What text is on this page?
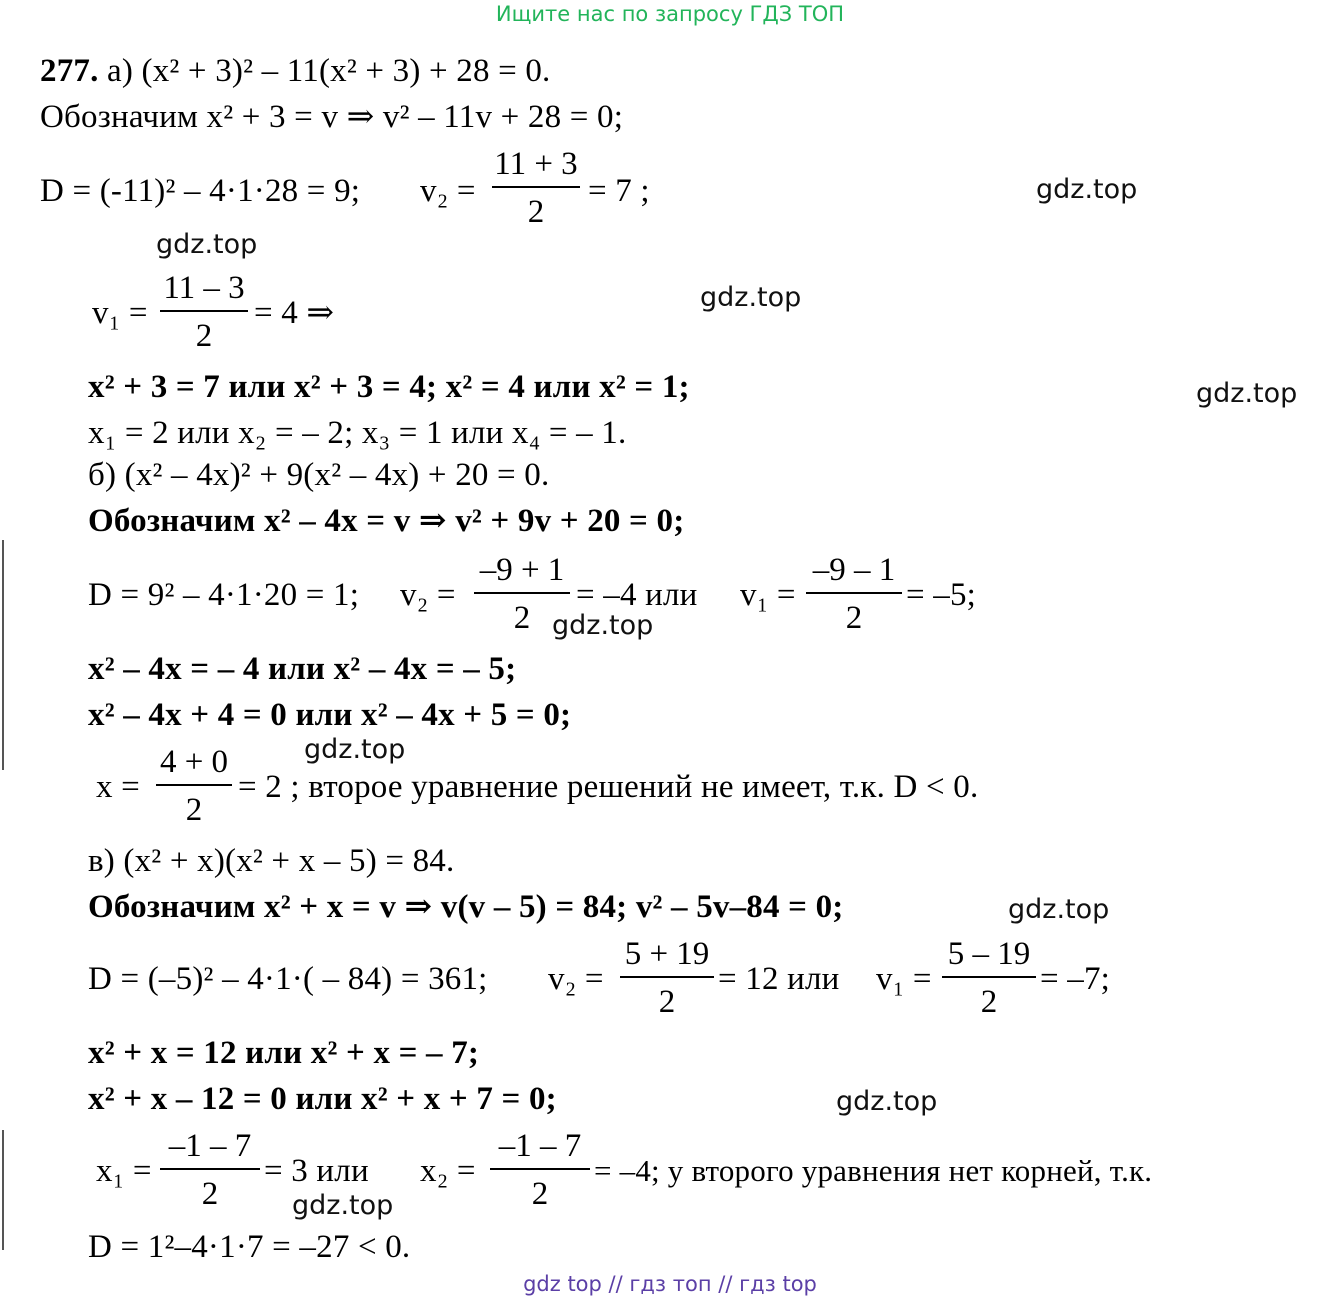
Ищите нас по запросу ГДЗ ТОП
277. а) (x² + 3)² – 11(x² + 3) + 28 = 0.
Обозначим x² + 3 = v ⇒ v² – 11v + 28 = 0;
D = (-11)² – 4·1·28 = 9; v₂ =
11 + 3
2
= 7 ;
v₁ =
11 – 3
2
= 4 ⇒
x² + 3 = 7 или x² + 3 = 4; x² = 4 или x² = 1;
x₁ = 2 или x₂ = – 2; x₃ = 1 или x₄ = – 1.
б) (x² – 4x)² + 9(x² – 4x) + 20 = 0.
Обозначим x² – 4x = v ⇒ v² + 9v + 20 = 0;
D = 9² – 4·1·20 = 1; v₂ =
–9 + 1
2
= –4 или v₁ =
–9 – 1
2
= –5;
x² – 4x = – 4 или x² – 4x = – 5;
x² – 4x + 4 = 0 или x² – 4x + 5 = 0;
x =
4 + 0
2
= 2 ; второе уравнение решений не имеет, т.к. D < 0.
в) (x² + x)(x² + x – 5) = 84.
Обозначим x² + x = v ⇒ v(v – 5) = 84; v² – 5v–84 = 0;
D = (–5)² – 4·1·( – 84) = 361; v₂ =
5 + 19
2
= 12 или v₁ =
5 – 19
2
= –7;
x² + x = 12 или x² + x = – 7;
x² + x – 12 = 0 или x² + x + 7 = 0;
x₁ =
–1 – 7
2
= 3 или x₂ =
–1 – 7
2
= –4; у второго уравнения нет корней, т.к.
D = 1²–4·1·7 = –27 < 0.
gdz.top
gdz.top
gdz.top
gdz.top
gdz.top
gdz.top
gdz.top
gdz.top
gdz.top
gdz top // гдз топ // гдз top
